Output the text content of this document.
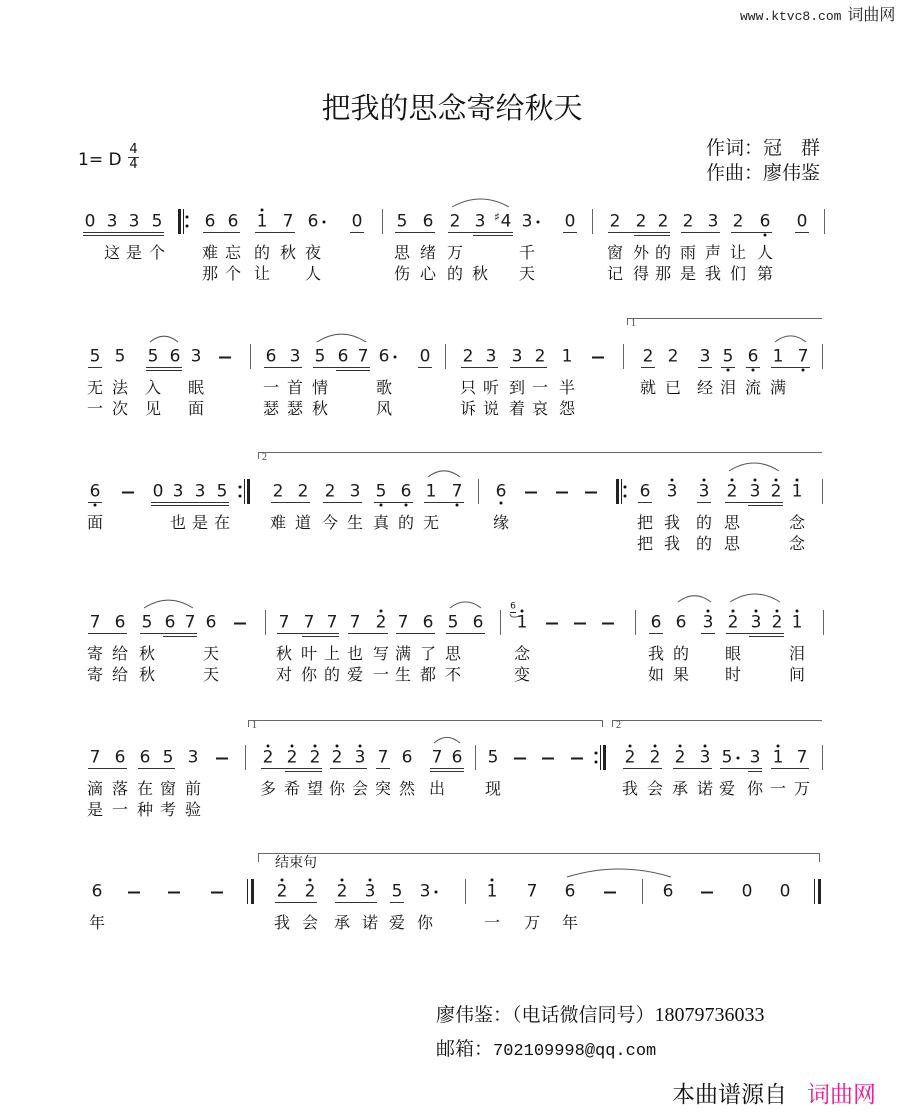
www.ktvc8.com 词曲网
把我的思念寄给秋天
1= D
4
4
作词：冠　群
作曲：廖伟鉴
0 3
这
3
是
5
个
6
难
那
6
忘
个
1
的
让
7
秋
6
夜
人
0 5
思
伤
6
绪
心
2
万
的
3
秋
4
♯ 3
千
天
0 2
窗
记
2
外
得
2
的
那
2
雨
是
3
声
我
2
让
们
6
人
第
0
5
无
一
5
法
次
5
入
见
6 3
眠
面
6
一
瑟
3
首
瑟
5
情
秋
6 7 6
歌
风
0 2
只
诉
3
听
说
3
到
着
2
一
哀
1
半
怨
2
就
2
已
3
经
5
泪
6
流
1
满
7
1
6
面
0 3
也
3
是
5
在
2
难
2
道
2
今
3
生
5
真
6
的
1
无
7 6
缘
6
把
把
3
我
我
3
的
的
2
思
思
3 2 1
念
念
2
7
寄
寄
6
给
给
5
秋
秋
6 7 6
天
天
7
秋
对
7
叶
你
7
上
的
7
也
爱
2
写
一
7
满
生
6
了
都
5
思
不
6 1
6
念
变
6
我
如
6
的
果
3 2
眼
时
3 2 1
泪
间
7
滴
是
6
落
一
6
在
种
5
窗
考
3
前
验
2
多
2
希
2
望
2
你
3
会
7
突
6
然
7
出
6 5
现
2
我
2
会
2
承
3
诺
5
爱
3
你
1
一
7
万
1	2
6
年
2
我
2
会
2
承
3
诺
5
爱
3
你
1
一
7
万
6
年
6	0 0
结束句
廖伟鉴：（电话微信同号）18079736033
邮箱：702109998@qq.com
本曲谱源自 词曲网
